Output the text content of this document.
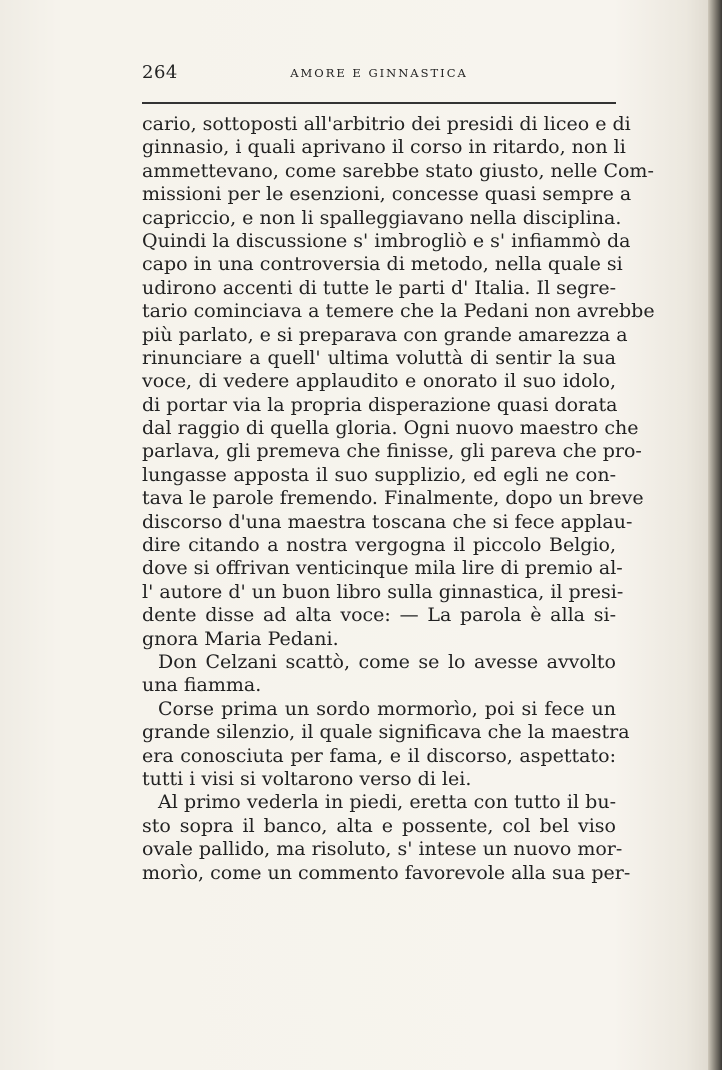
264	AMORE E GINNASTICA
cario, sottoposti all'arbitrio dei presidi di liceo e di
ginnasio, i quali aprivano il corso in ritardo, non li
ammettevano, come sarebbe stato giusto, nelle Com-
missioni per le esenzioni, concesse quasi sempre a
capriccio, e non li spalleggiavano nella disciplina.
Quindi la discussione s' imbrogliò e s' infiammò da
capo in una controversia di metodo, nella quale si
udirono accenti di tutte le parti d' Italia. Il segre-
tario cominciava a temere che la Pedani non avrebbe
più parlato, e si preparava con grande amarezza a
rinunciare a quell' ultima voluttà di sentir la sua
voce, di vedere applaudito e onorato il suo idolo,
di portar via la propria disperazione quasi dorata
dal raggio di quella gloria. Ogni nuovo maestro che
parlava, gli premeva che finisse, gli pareva che pro-
lungasse apposta il suo supplizio, ed egli ne con-
tava le parole fremendo. Finalmente, dopo un breve
discorso d'una maestra toscana che si fece applau-
dire citando a nostra vergogna il piccolo Belgio,
dove si offrivan venticinque mila lire di premio al-
l' autore d' un buon libro sulla ginnastica, il presi-
dente disse ad alta voce: — La parola è alla si-
gnora Maria Pedani.
Don Celzani scattò, come se lo avesse avvolto
una fiamma.
Corse prima un sordo mormorìo, poi si fece un
grande silenzio, il quale significava che la maestra
era conosciuta per fama, e il discorso, aspettato:
tutti i visi si voltarono verso di lei.
Al primo vederla in piedi, eretta con tutto il bu-
sto sopra il banco, alta e possente, col bel viso
ovale pallido, ma risoluto, s' intese un nuovo mor-
morìo, come un commento favorevole alla sua per-
